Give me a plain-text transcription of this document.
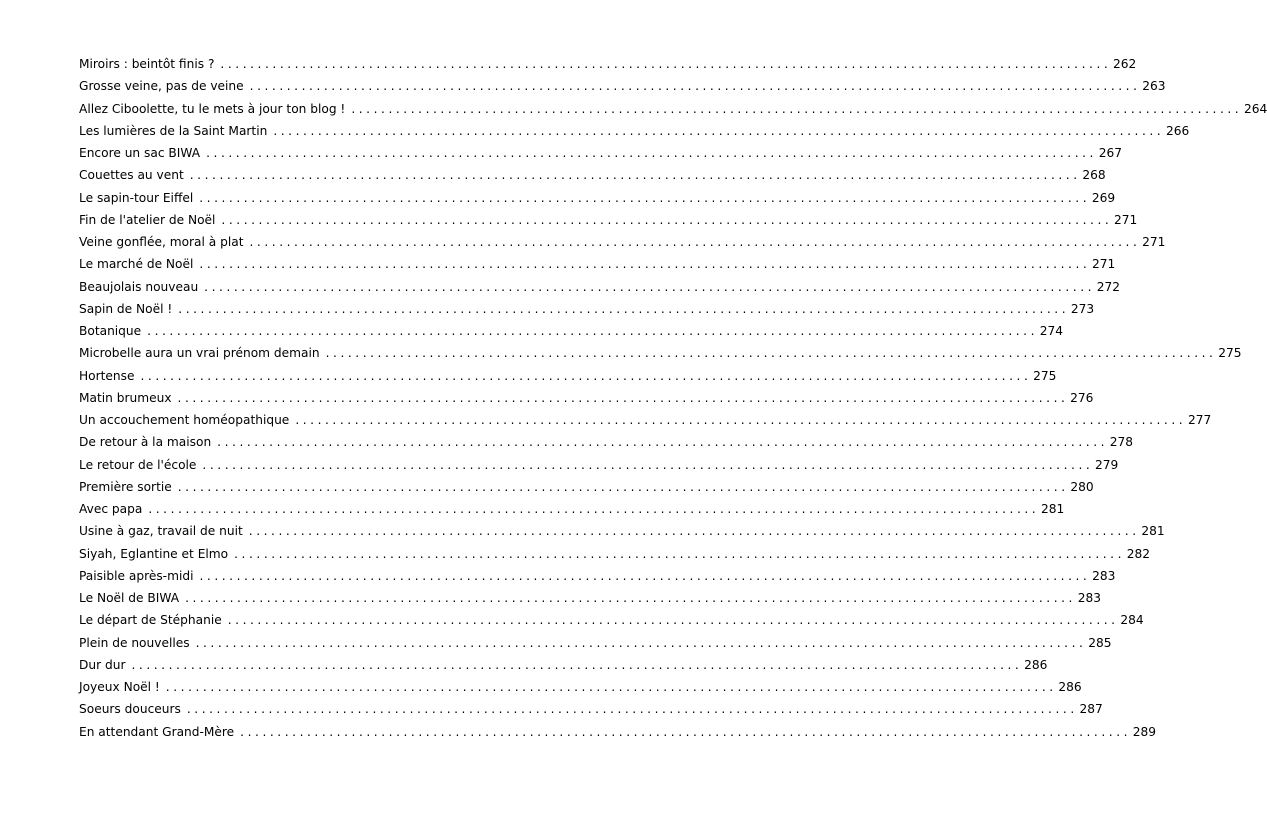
Miroirs : beintôt finis ? ........................................................................................................................ 262
Grosse veine, pas de veine ........................................................................................................................ 263
Allez Ciboolette, tu le mets à jour ton blog ! ........................................................................................................................ 264
Les lumières de la Saint Martin ........................................................................................................................ 266
Encore un sac BIWA ........................................................................................................................ 267
Couettes au vent ........................................................................................................................ 268
Le sapin-tour Eiffel ........................................................................................................................ 269
Fin de l'atelier de Noël ........................................................................................................................ 271
Veine gonflée, moral à plat ........................................................................................................................ 271
Le marché de Noël ........................................................................................................................ 271
Beaujolais nouveau ........................................................................................................................ 272
Sapin de Noël ! ........................................................................................................................ 273
Botanique ........................................................................................................................ 274
Microbelle aura un vrai prénom demain ........................................................................................................................ 275
Hortense ........................................................................................................................ 275
Matin brumeux ........................................................................................................................ 276
Un accouchement homéopathique ........................................................................................................................ 277
De retour à la maison ........................................................................................................................ 278
Le retour de l'école ........................................................................................................................ 279
Première sortie ........................................................................................................................ 280
Avec papa ........................................................................................................................ 281
Usine à gaz, travail de nuit ........................................................................................................................ 281
Siyah, Eglantine et Elmo ........................................................................................................................ 282
Paisible après-midi ........................................................................................................................ 283
Le Noël de BIWA ........................................................................................................................ 283
Le départ de Stéphanie ........................................................................................................................ 284
Plein de nouvelles ........................................................................................................................ 285
Dur dur ........................................................................................................................ 286
Joyeux Noël ! ........................................................................................................................ 286
Soeurs douceurs ........................................................................................................................ 287
En attendant Grand-Mère ........................................................................................................................ 289
